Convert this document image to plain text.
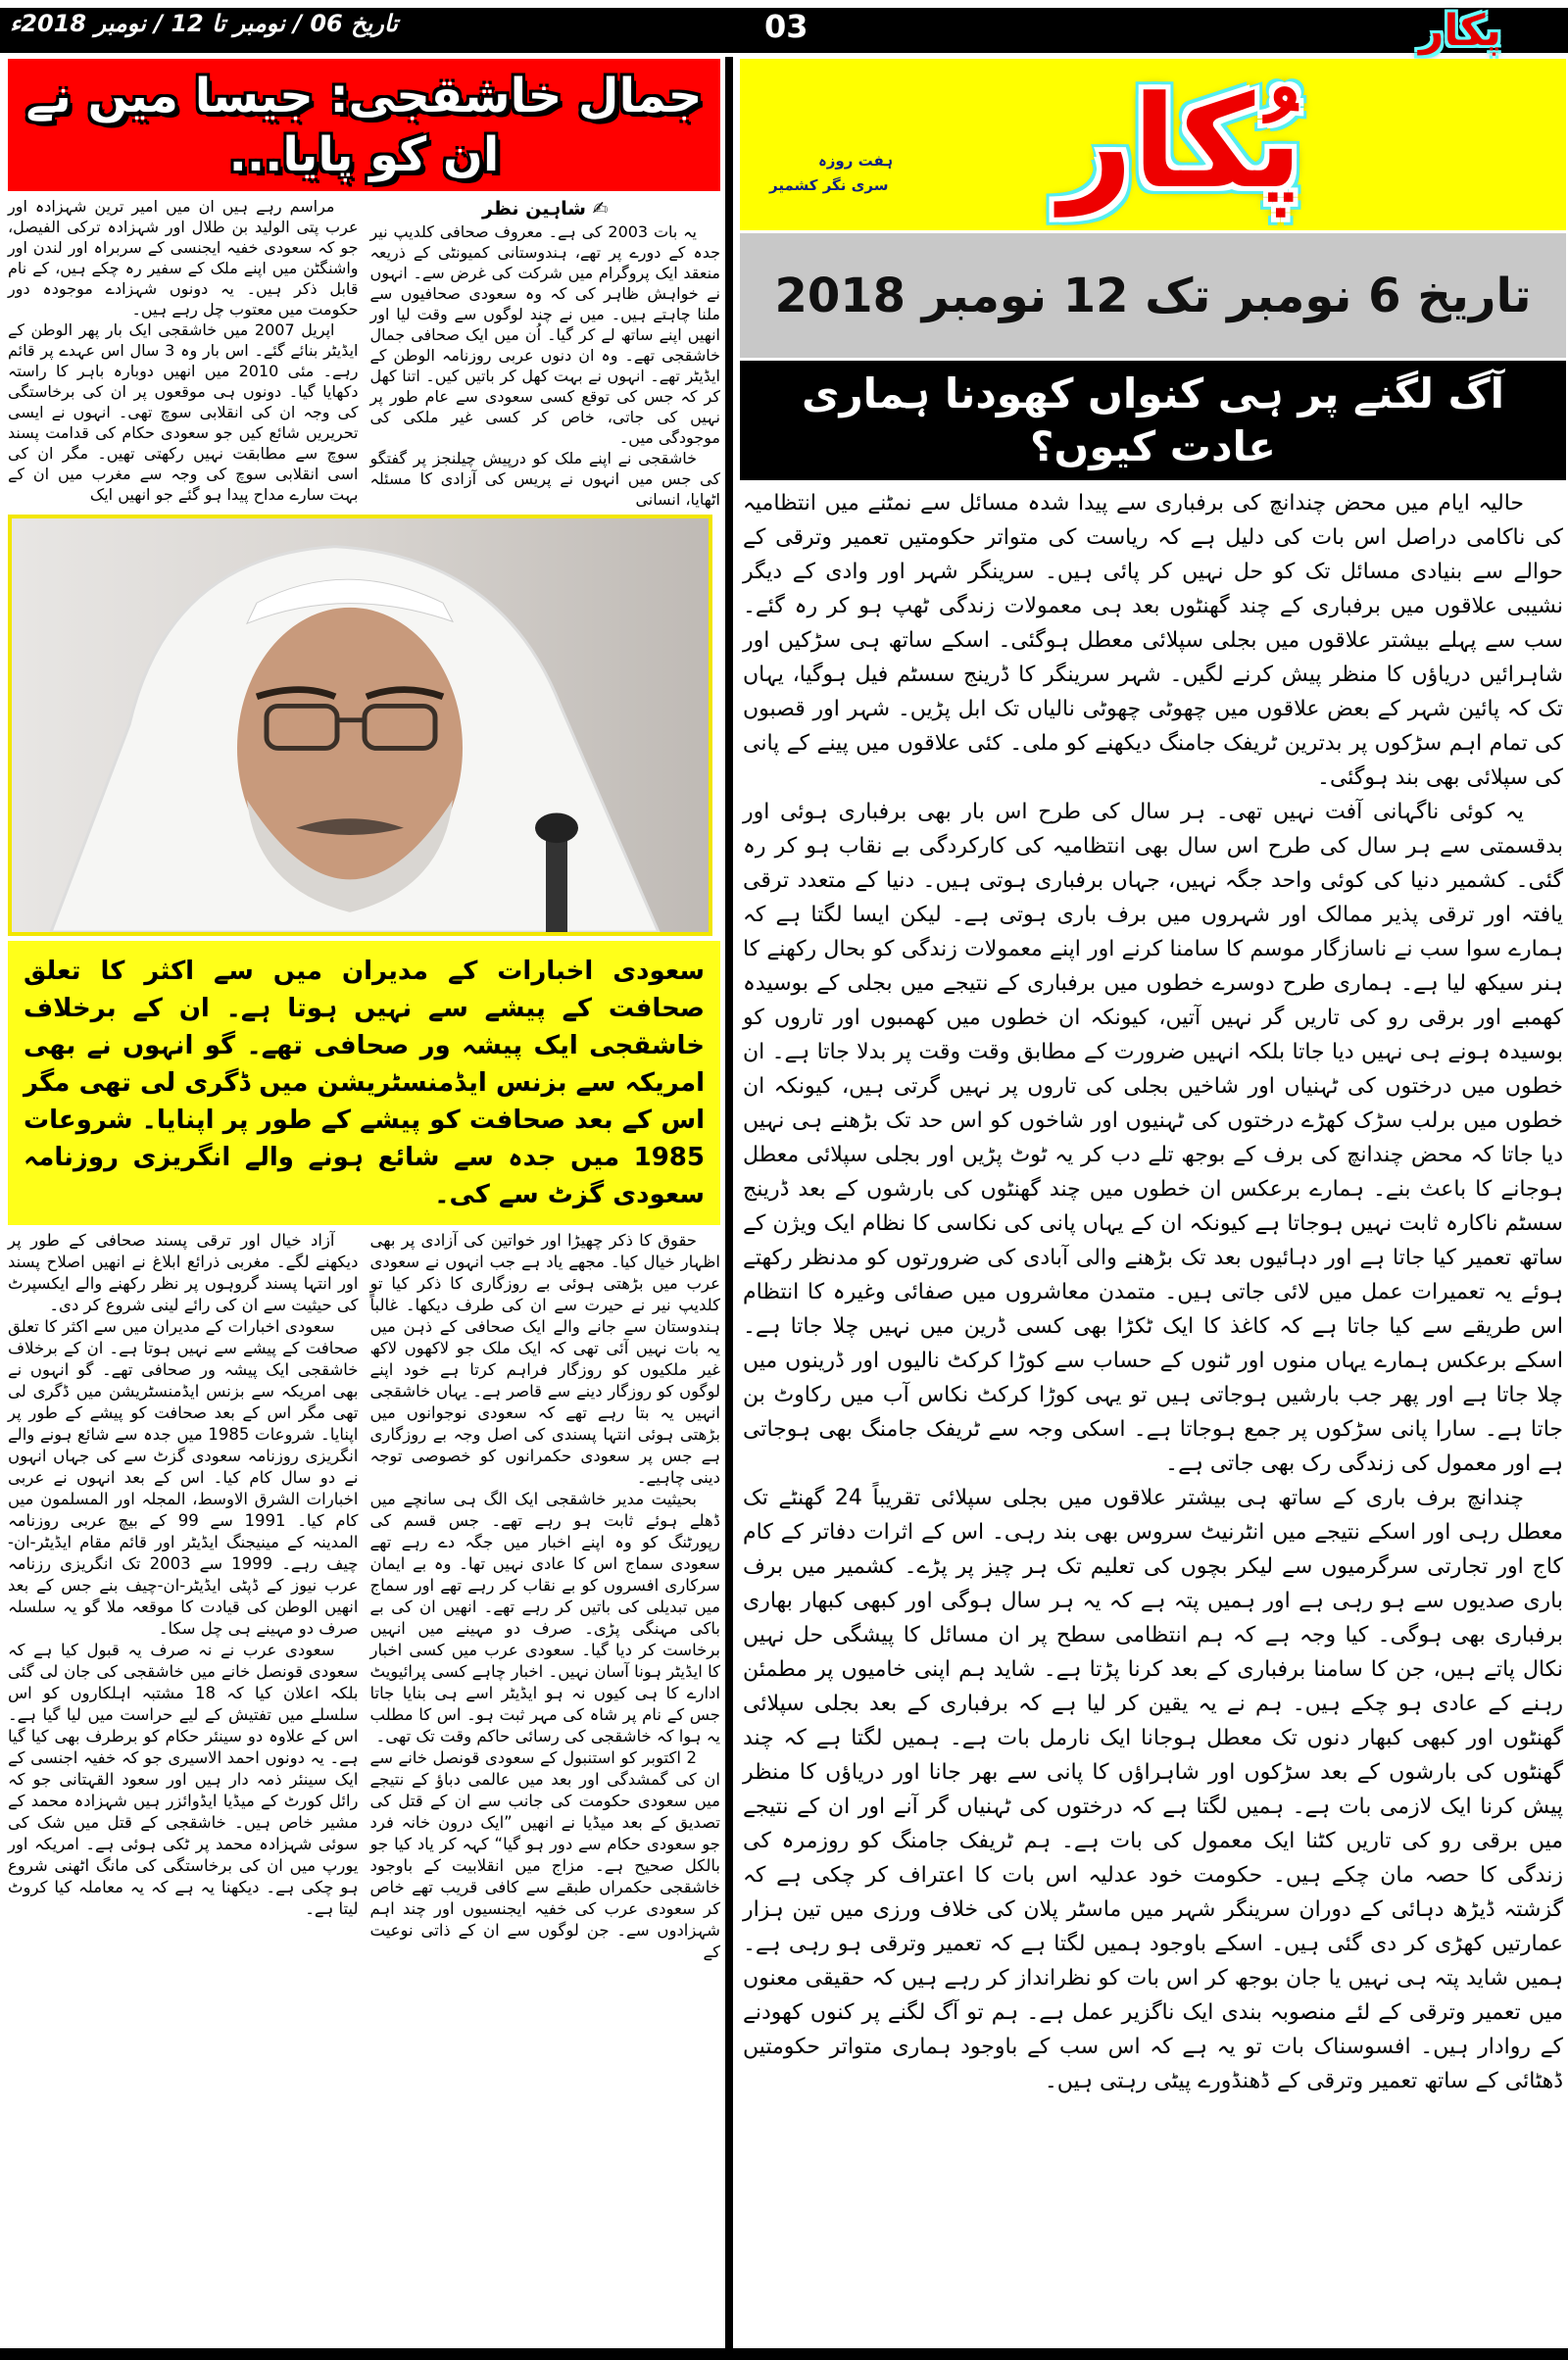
تاریخ 06 / نومبر تا 12 / نومبر 2018ء	03	پکار
پُکار
ہفت روزہ
سری نگر کشمیر
تاریخ 6 نومبر تک 12 نومبر 2018
آگ لگنے پر ہی کنواں کھودنا ہماری عادت کیوں؟

حالیہ ایام میں محض چندانچ کی برفباری سے پیدا شدہ مسائل سے نمٹنے میں انتظامیہ کی ناکامی دراصل اس بات کی دلیل ہے کہ ریاست کی متواتر حکومتیں تعمیر وترقی کے حوالے سے بنیادی مسائل تک کو حل نہیں کر پائی ہیں۔ سرینگر شہر اور وادی کے دیگر نشیبی علاقوں میں برفباری کے چند گھنٹوں بعد ہی معمولات زندگی ٹھپ ہو کر رہ گئے۔ سب سے پہلے بیشتر علاقوں میں بجلی سپلائی معطل ہوگئی۔ اسکے ساتھ ہی سڑکیں اور شاہرائیں دریاؤں کا منظر پیش کرنے لگیں۔ شہر سرینگر کا ڈرینج سسٹم فیل ہوگیا، یہاں تک کہ پائین شہر کے بعض علاقوں میں چھوٹی چھوٹی نالیاں تک ابل پڑیں۔ شہر اور قصبوں کی تمام اہم سڑکوں پر بدترین ٹریفک جامنگ دیکھنے کو ملی۔ کئی علاقوں میں پینے کے پانی کی سپلائی بھی بند ہوگئی۔

یہ کوئی ناگہانی آفت نہیں تھی۔ ہر سال کی طرح اس بار بھی برفباری ہوئی اور بدقسمتی سے ہر سال کی طرح اس سال بھی انتظامیہ کی کارکردگی بے نقاب ہو کر رہ گئی۔ کشمیر دنیا کی کوئی واحد جگہ نہیں، جہاں برفباری ہوتی ہیں۔ دنیا کے متعدد ترقی یافتہ اور ترقی پذیر ممالک اور شہروں میں برف باری ہوتی ہے۔ لیکن ایسا لگتا ہے کہ ہمارے سوا سب نے ناسازگار موسم کا سامنا کرنے اور اپنے معمولات زندگی کو بحال رکھنے کا ہنر سیکھ لیا ہے۔ ہماری طرح دوسرے خطوں میں برفباری کے نتیجے میں بجلی کے بوسیدہ کھمبے اور برقی رو کی تاریں گر نہیں آتیں، کیونکہ ان خطوں میں کھمبوں اور تاروں کو بوسیدہ ہونے ہی نہیں دیا جاتا بلکہ انہیں ضرورت کے مطابق وقت وقت پر بدلا جاتا ہے۔ ان خطوں میں درختوں کی ٹہنیاں اور شاخیں بجلی کی تاروں پر نہیں گرتی ہیں، کیونکہ ان خطوں میں برلب سڑک کھڑے درختوں کی ٹہنیوں اور شاخوں کو اس حد تک بڑھنے ہی نہیں دیا جاتا کہ محض چندانچ کی برف کے بوجھ تلے دب کر یہ ٹوٹ پڑیں اور بجلی سپلائی معطل ہوجانے کا باعث بنے۔ ہمارے برعکس ان خطوں میں چند گھنٹوں کی بارشوں کے بعد ڈرینج سسٹم ناکارہ ثابت نہیں ہوجاتا ہے کیونکہ ان کے یہاں پانی کی نکاسی کا نظام ایک ویژن کے ساتھ تعمیر کیا جاتا ہے اور دہائیوں بعد تک بڑھنے والی آبادی کی ضرورتوں کو مدنظر رکھتے ہوئے یہ تعمیرات عمل میں لائی جاتی ہیں۔ متمدن معاشروں میں صفائی وغیرہ کا انتظام اس طریقے سے کیا جاتا ہے کہ کاغذ کا ایک ٹکڑا بھی کسی ڈرین میں نہیں چلا جاتا ہے۔ اسکے برعکس ہمارے یہاں منوں اور ٹنوں کے حساب سے کوڑا کرکٹ نالیوں اور ڈرینوں میں چلا جاتا ہے اور پھر جب بارشیں ہوجاتی ہیں تو یہی کوڑا کرکٹ نکاس آب میں رکاوٹ بن جاتا ہے۔ سارا پانی سڑکوں پر جمع ہوجاتا ہے۔ اسکی وجہ سے ٹریفک جامنگ بھی ہوجاتی ہے اور معمول کی زندگی رک بھی جاتی ہے۔

چندانچ برف باری کے ساتھ ہی بیشتر علاقوں میں بجلی سپلائی تقریباً 24 گھنٹے تک معطل رہی اور اسکے نتیجے میں انٹرنیٹ سروس بھی بند رہی۔ اس کے اثرات دفاتر کے کام کاج اور تجارتی سرگرمیوں سے لیکر بچوں کی تعلیم تک ہر چیز پر پڑے۔ کشمیر میں برف باری صدیوں سے ہو رہی ہے اور ہمیں پتہ ہے کہ یہ ہر سال ہوگی اور کبھی کبھار بھاری برفباری بھی ہوگی۔ کیا وجہ ہے کہ ہم انتظامی سطح پر ان مسائل کا پیشگی حل نہیں نکال پاتے ہیں، جن کا سامنا برفباری کے بعد کرنا پڑتا ہے۔ شاید ہم اپنی خامیوں پر مطمئن رہنے کے عادی ہو چکے ہیں۔ ہم نے یہ یقین کر لیا ہے کہ برفباری کے بعد بجلی سپلائی گھنٹوں اور کبھی کبھار دنوں تک معطل ہوجانا ایک نارمل بات ہے۔ ہمیں لگتا ہے کہ چند گھنٹوں کی بارشوں کے بعد سڑکوں اور شاہراؤں کا پانی سے بھر جانا اور دریاؤں کا منظر پیش کرنا ایک لازمی بات ہے۔ ہمیں لگتا ہے کہ درختوں کی ٹہنیاں گر آنے اور ان کے نتیجے میں برقی رو کی تاریں کٹنا ایک معمول کی بات ہے۔ ہم ٹریفک جامنگ کو روزمرہ کی زندگی کا حصہ مان چکے ہیں۔ حکومت خود عدلیہ اس بات کا اعتراف کر چکی ہے کہ گزشتہ ڈیڑھ دہائی کے دوران سرینگر شہر میں ماسٹر پلان کی خلاف ورزی میں تین ہزار عمارتیں کھڑی کر دی گئی ہیں۔ اسکے باوجود ہمیں لگتا ہے کہ تعمیر وترقی ہو رہی ہے۔ ہمیں شاید پتہ ہی نہیں یا جان بوجھ کر اس بات کو نظرانداز کر رہے ہیں کہ حقیقی معنوں میں تعمیر وترقی کے لئے منصوبہ بندی ایک ناگزیر عمل ہے۔ ہم تو آگ لگنے پر کنوں کھودنے کے روادار ہیں۔ افسوسناک بات تو یہ ہے کہ اس سب کے باوجود ہماری متواتر حکومتیں ڈھٹائی کے ساتھ تعمیر وترقی کے ڈھنڈورے پیٹی رہتی ہیں۔

جمال خاشقجی: جیسا میں نے ان کو پایا...
✍ شاہین نظر

یہ بات 2003 کی ہے۔ معروف صحافی کلدیپ نیر جدہ کے دورے پر تھے، ہندوستانی کمیونٹی کے ذریعہ منعقد ایک پروگرام میں شرکت کی غرض سے۔ انہوں نے خواہش ظاہر کی کہ وہ سعودی صحافیوں سے ملنا چاہتے ہیں۔ میں نے چند لوگوں سے وقت لیا اور انھیں اپنے ساتھ لے کر گیا۔ اُن میں ایک صحافی جمال خاشقجی تھے۔ وہ ان دنوں عربی روزنامہ الوطن کے ایڈیٹر تھے۔ انہوں نے بہت کھل کر باتیں کیں۔ اتنا کھل کر کہ جس کی توقع کسی سعودی سے عام طور پر نہیں کی جاتی، خاص کر کسی غیر ملکی کی موجودگی میں۔

خاشقجی نے اپنے ملک کو درپیش چیلنجز پر گفتگو کی جس میں انہوں نے پریس کی آزادی کا مسئلہ اٹھایا، انسانی

مراسم رہے ہیں ان میں امیر ترین شہزادہ اور عرب پتی الولید بن طلال اور شہزادہ ترکی الفیصل، جو کہ سعودی خفیہ ایجنسی کے سربراہ اور لندن اور واشنگٹن میں اپنے ملک کے سفیر رہ چکے ہیں، کے نام قابل ذکر ہیں۔ یہ دونوں شہزادے موجودہ دور حکومت میں معتوب چل رہے ہیں۔

اپریل 2007 میں خاشقجی ایک بار پھر الوطن کے ایڈیٹر بنائے گئے۔ اس بار وہ 3 سال اس عہدے پر قائم رہے۔ مئی 2010 میں انھیں دوبارہ باہر کا راستہ دکھایا گیا۔ دونوں ہی موقعوں پر ان کی برخاستگی کی وجہ ان کی انقلابی سوچ تھی۔ انہوں نے ایسی تحریریں شائع کیں جو سعودی حکام کی قدامت پسند سوچ سے مطابقت نہیں رکھتی تھیں۔ مگر ان کی اسی انقلابی سوچ کی وجہ سے مغرب میں ان کے بہت سارے مداح پیدا ہو گئے جو انھیں ایک

سعودی اخبارات کے مدیران میں سے اکثر کا تعلق صحافت کے پیشے سے نہیں ہوتا ہے۔ ان کے برخلاف خاشقجی ایک پیشہ ور صحافی تھے۔ گو انہوں نے بھی امریکہ سے بزنس ایڈمنسٹریشن میں ڈگری لی تھی مگر اس کے بعد صحافت کو پیشے کے طور پر اپنایا۔ شروعات 1985 میں جدہ سے شائع ہونے والے انگریزی روزنامہ سعودی گزٹ سے کی۔

حقوق کا ذکر چھیڑا اور خواتین کی آزادی پر بھی اظہار خیال کیا۔ مجھے یاد ہے جب انہوں نے سعودی عرب میں بڑھتی ہوئی بے روزگاری کا ذکر کیا تو کلدیپ نیر نے حیرت سے ان کی طرف دیکھا۔ غالباً ہندوستان سے جانے والے ایک صحافی کے ذہن میں یہ بات نہیں آئی تھی کہ ایک ملک جو لاکھوں لاکھ غیر ملکیوں کو روزگار فراہم کرتا ہے خود اپنے لوگوں کو روزگار دینے سے قاصر ہے۔ یہاں خاشقجی انہیں یہ بتا رہے تھے کہ سعودی نوجوانوں میں بڑھتی ہوئی انتہا پسندی کی اصل وجہ بے روزگاری ہے جس پر سعودی حکمرانوں کو خصوصی توجہ دینی چاہیے۔

بحیثیت مدیر خاشقجی ایک الگ ہی سانچے میں ڈھلے ہوئے ثابت ہو رہے تھے۔ جس قسم کی رپورٹنگ کو وہ اپنے اخبار میں جگہ دے رہے تھے سعودی سماج اس کا عادی نہیں تھا۔ وہ بے ایمان سرکاری افسروں کو بے نقاب کر رہے تھے اور سماج میں تبدیلی کی باتیں کر رہے تھے۔ انھیں ان کی بے باکی مہنگی پڑی۔ صرف دو مہینے میں انہیں برخاست کر دیا گیا۔ سعودی عرب میں کسی اخبار کا ایڈیٹر ہونا آسان نہیں۔ اخبار چاہے کسی پرائیویٹ ادارے کا ہی کیوں نہ ہو ایڈیٹر اسے ہی بنایا جاتا جس کے نام پر شاہ کی مہر ثبت ہو۔ اس کا مطلب یہ ہوا کہ خاشقجی کی رسائی حاکم وقت تک تھی۔

2 اکتوبر کو استنبول کے سعودی قونصل خانے سے ان کی گمشدگی اور بعد میں عالمی دباؤ کے نتیجے میں سعودی حکومت کی جانب سے ان کے قتل کی تصدیق کے بعد میڈیا نے انھیں ”ایک درون خانہ فرد جو سعودی حکام سے دور ہو گیا“ کہہ کر یاد کیا جو بالکل صحیح ہے۔ مزاج میں انقلابیت کے باوجود خاشقجی حکمراں طبقے سے کافی قریب تھے خاص کر سعودی عرب کی خفیہ ایجنسیوں اور چند اہم شہزادوں سے۔ جن لوگوں سے ان کے ذاتی نوعیت کے

آزاد خیال اور ترقی پسند صحافی کے طور پر دیکھنے لگے۔ مغربی ذرائع ابلاغ نے انھیں اصلاح پسند اور انتہا پسند گروہوں پر نظر رکھنے والے ایکسپرٹ کی حیثیت سے ان کی رائے لینی شروع کر دی۔

سعودی اخبارات کے مدیران میں سے اکثر کا تعلق صحافت کے پیشے سے نہیں ہوتا ہے۔ ان کے برخلاف خاشقجی ایک پیشہ ور صحافی تھے۔ گو انہوں نے بھی امریکہ سے بزنس ایڈمنسٹریشن میں ڈگری لی تھی مگر اس کے بعد صحافت کو پیشے کے طور پر اپنایا۔ شروعات 1985 میں جدہ سے شائع ہونے والے انگریزی روزنامہ سعودی گزٹ سے کی جہاں انہوں نے دو سال کام کیا۔ اس کے بعد انہوں نے عربی اخبارات الشرق الاوسط، المجلہ اور المسلمون میں کام کیا۔ 1991 سے 99 کے بیچ عربی روزنامہ المدینہ کے مینیجنگ ایڈیٹر اور قائم مقام ایڈیٹر-ان-چیف رہے۔ 1999 سے 2003 تک انگریزی رزنامہ عرب نیوز کے ڈپٹی ایڈیٹر-ان-چیف بنے جس کے بعد انھیں الوطن کی قیادت کا موقعہ ملا گو یہ سلسلہ صرف دو مہینے ہی چل سکا۔

سعودی عرب نے نہ صرف یہ قبول کیا ہے کہ سعودی قونصل خانے میں خاشقجی کی جان لی گئی بلکہ اعلان کیا کہ 18 مشتبہ اہلکاروں کو اس سلسلے میں تفتیش کے لیے حراست میں لیا گیا ہے۔ اس کے علاوہ دو سینئر حکام کو برطرف بھی کیا گیا ہے۔ یہ دونوں احمد الاسیری جو کہ خفیہ اجنسی کے ایک سینئر ذمہ دار ہیں اور سعود القہتانی جو کہ رائل کورٹ کے میڈیا ایڈوائزر ہیں شہزادہ محمد کے مشیر خاص ہیں۔ خاشقجی کے قتل میں شک کی سوئی شہزادہ محمد پر ٹکی ہوئی ہے۔ امریکہ اور یورپ میں ان کی برخاستگی کی مانگ اٹھنی شروع ہو چکی ہے۔ دیکھنا یہ ہے کہ یہ معاملہ کیا کروٹ لیتا ہے۔
